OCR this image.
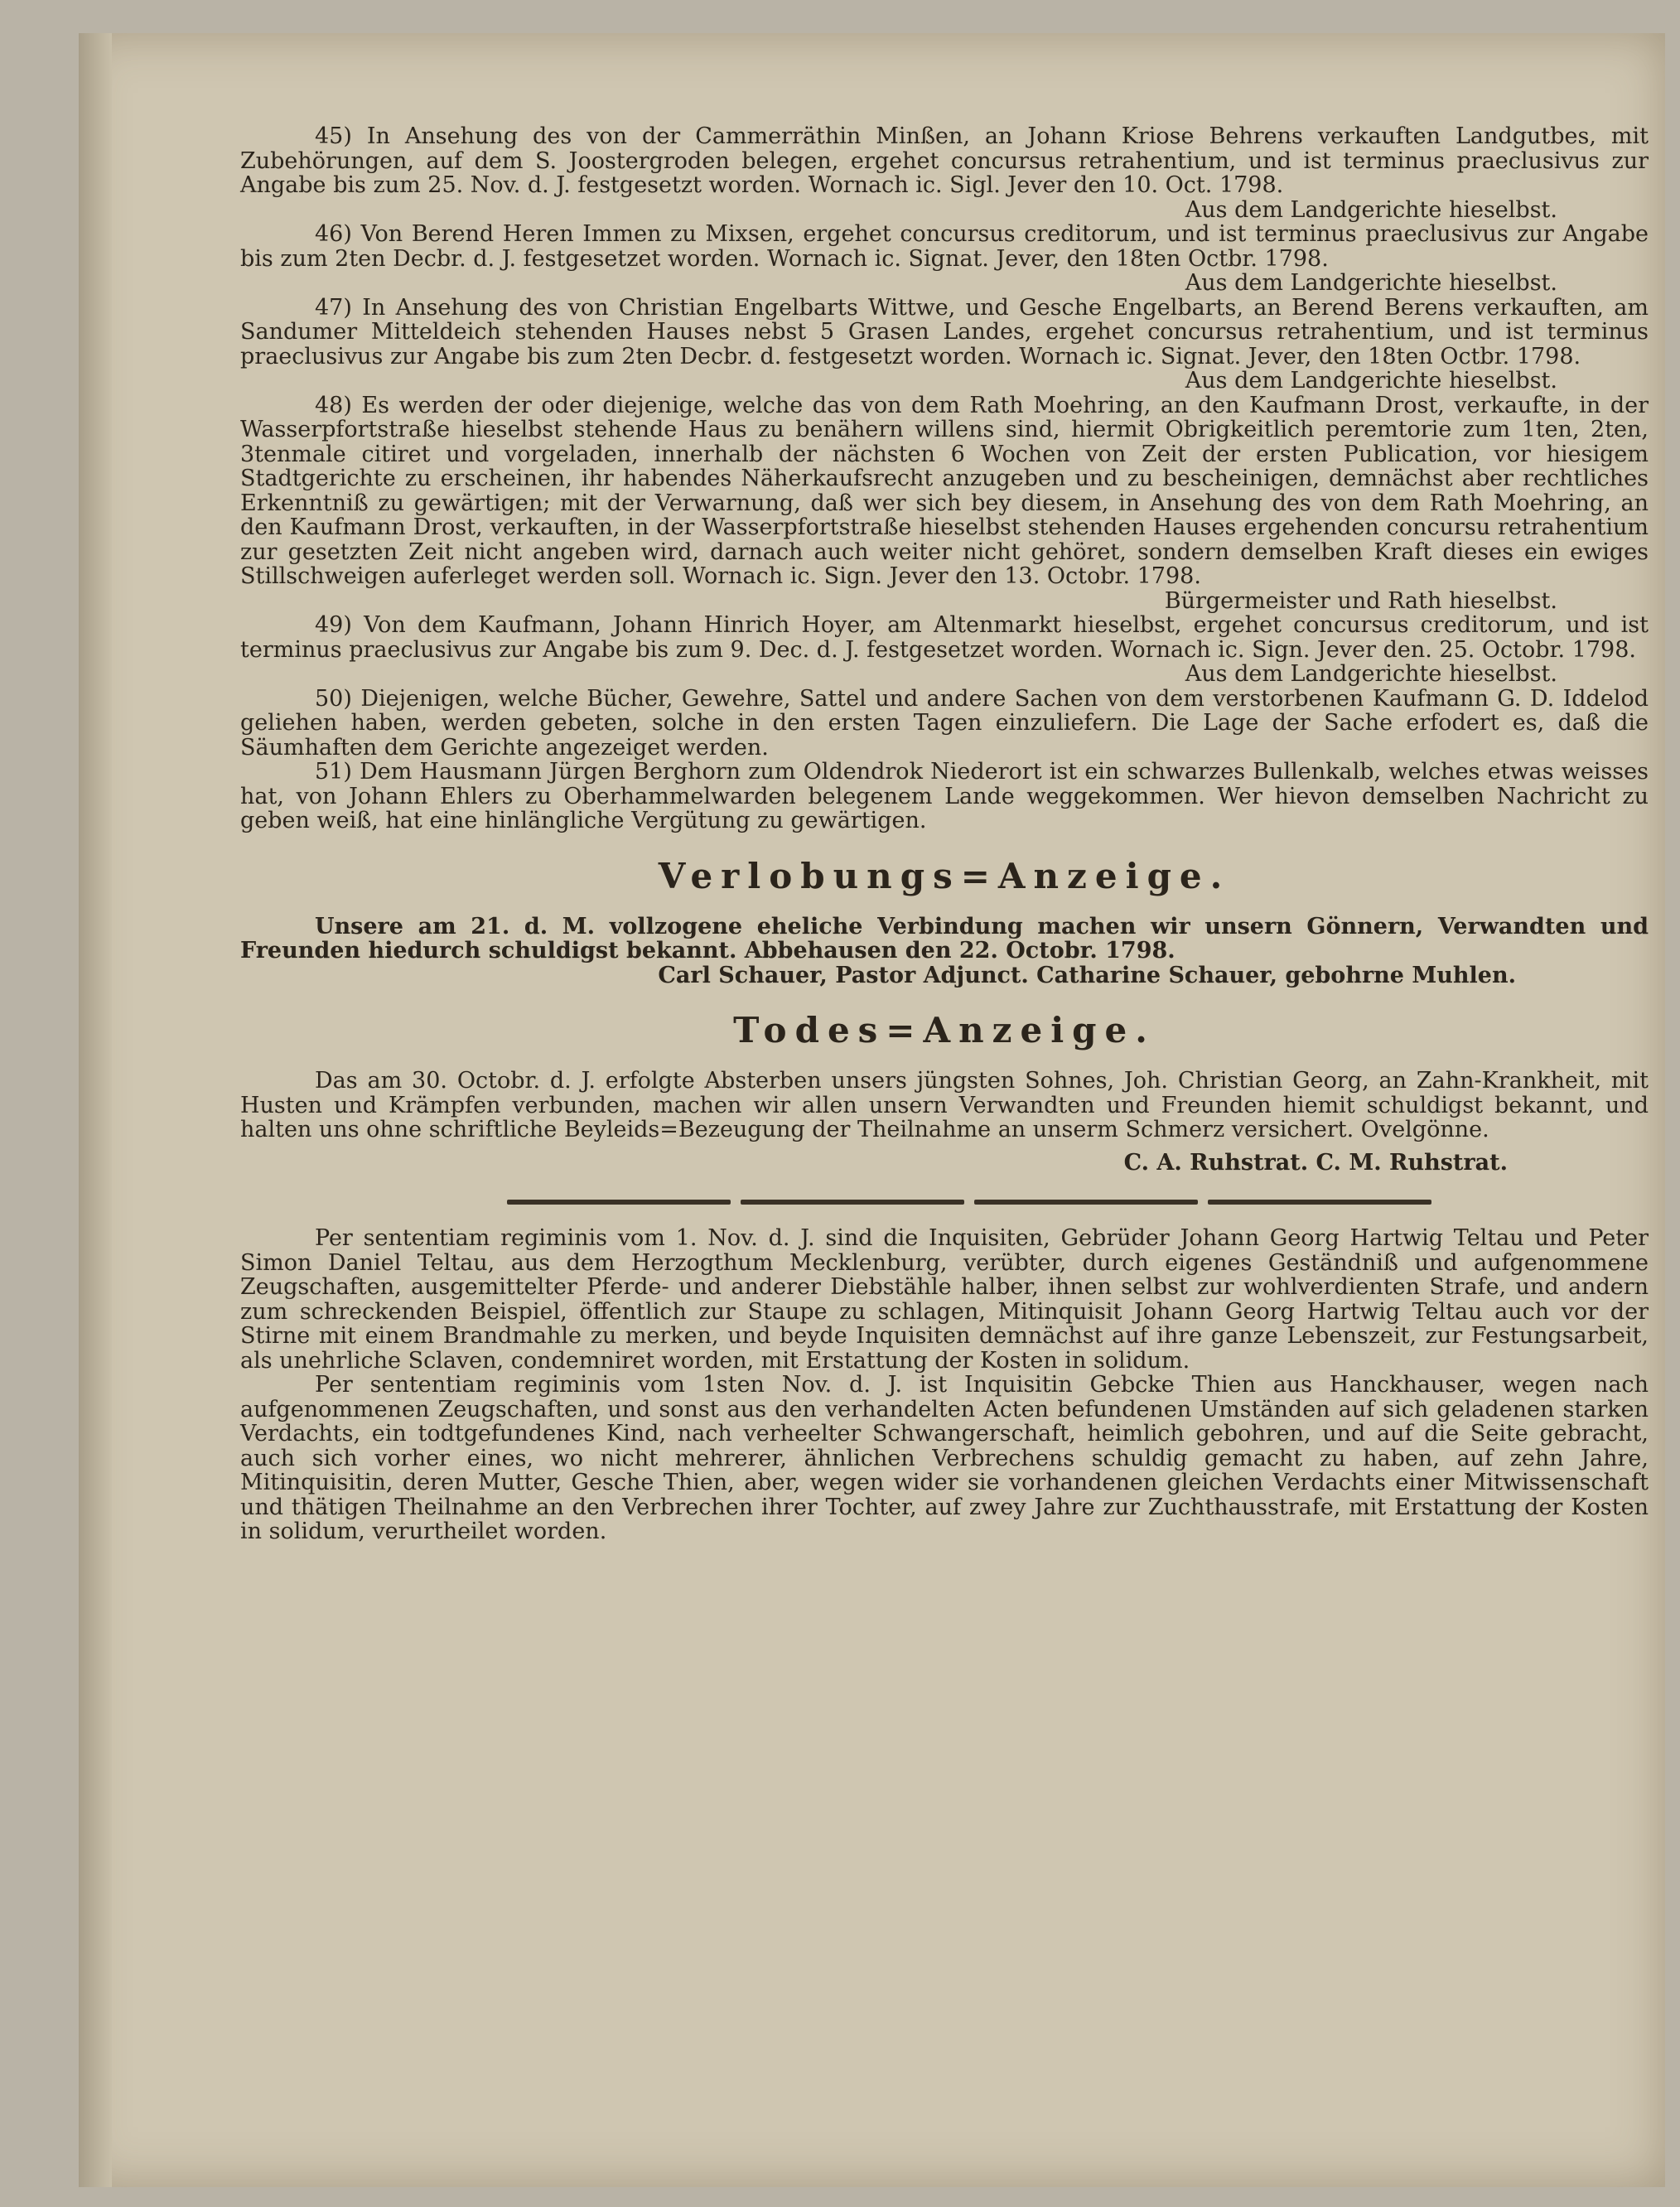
45) In Ansehung des von der Cammerräthin Minßen, an Johann Kriose Behrens verkauften Landgutbes, mit Zubehörungen, auf dem S. Joostergroden belegen, ergehet concursus retrahentium, und ist terminus praeclusivus zur Angabe bis zum 25. Nov. d. J. festgesetzt worden. Wornach ic. Sigl. Jever den 10. Oct. 1798.

Aus dem Landgerichte hieselbst.

46) Von Berend Heren Immen zu Mixsen, ergehet concursus creditorum, und ist terminus praeclusivus zur Angabe bis zum 2ten Decbr. d. J. festgesetzet worden. Wornach ic. Signat. Jever, den 18ten Octbr. 1798.

Aus dem Landgerichte hieselbst.

47) In Ansehung des von Christian Engelbarts Wittwe, und Gesche Engelbarts, an Berend Berens verkauften, am Sandumer Mitteldeich stehenden Hauses nebst 5 Grasen Landes, ergehet concursus retrahentium, und ist terminus praeclusivus zur Angabe bis zum 2ten Decbr. d. festgesetzt worden. Wornach ic. Signat. Jever, den 18ten Octbr. 1798.

Aus dem Landgerichte hieselbst.

48) Es werden der oder diejenige, welche das von dem Rath Moehring, an den Kaufmann Drost, verkaufte, in der Wasserpfortstraße hieselbst stehende Haus zu benähern willens sind, hiermit Obrigkeitlich peremtorie zum 1ten, 2ten, 3tenmale citiret und vorgeladen, innerhalb der nächsten 6 Wochen von Zeit der ersten Publication, vor hiesigem Stadtgerichte zu erscheinen, ihr habendes Näherkaufsrecht anzugeben und zu bescheinigen, demnächst aber rechtliches Erkenntniß zu gewärtigen; mit der Verwarnung, daß wer sich bey diesem, in Ansehung des von dem Rath Moehring, an den Kaufmann Drost, verkauften, in der Wasserpfortstraße hieselbst stehenden Hauses ergehenden concursu retrahentium zur gesetzten Zeit nicht angeben wird, darnach auch weiter nicht gehöret, sondern demselben Kraft dieses ein ewiges Stillschweigen auferleget werden soll. Wornach ic. Sign. Jever den 13. Octobr. 1798.

Bürgermeister und Rath hieselbst.

49) Von dem Kaufmann, Johann Hinrich Hoyer, am Altenmarkt hieselbst, ergehet concursus creditorum, und ist terminus praeclusivus zur Angabe bis zum 9. Dec. d. J. festgesetzet worden. Wornach ic. Sign. Jever den. 25. Octobr. 1798.

Aus dem Landgerichte hieselbst.

50) Diejenigen, welche Bücher, Gewehre, Sattel und andere Sachen von dem verstorbenen Kaufmann G. D. Iddelod geliehen haben, werden gebeten, solche in den ersten Tagen einzuliefern. Die Lage der Sache erfodert es, daß die Säumhaften dem Gerichte angezeiget werden.

51) Dem Hausmann Jürgen Berghorn zum Oldendrok Niederort ist ein schwarzes Bullenkalb, welches etwas weisses hat, von Johann Ehlers zu Oberhammelwarden belegenem Lande weggekommen. Wer hievon demselben Nachricht zu geben weiß, hat eine hinlängliche Vergütung zu gewärtigen.

Verlobungs=Anzeige.

Unsere am 21. d. M. vollzogene eheliche Verbindung machen wir unsern Gönnern, Verwandten und Freunden hiedurch schuldigst bekannt. Abbehausen den 22. Octobr. 1798.

Carl Schauer, Pastor Adjunct. Catharine Schauer, gebohrne Muhlen.

Todes=Anzeige.

Das am 30. Octobr. d. J. erfolgte Absterben unsers jüngsten Sohnes, Joh. Christian Georg, an Zahn-Krankheit, mit Husten und Krämpfen verbunden, machen wir allen unsern Verwandten und Freunden hiemit schuldigst bekannt, und halten uns ohne schriftliche Beyleids=Bezeugung der Theilnahme an unserm Schmerz versichert. Ovelgönne.

C. A. Ruhstrat. C. M. Ruhstrat.

Per sententiam regiminis vom 1. Nov. d. J. sind die Inquisiten, Gebrüder Johann Georg Hartwig Teltau und Peter Simon Daniel Teltau, aus dem Herzogthum Mecklenburg, verübter, durch eigenes Geständniß und aufgenommene Zeugschaften, ausgemittelter Pferde- und anderer Diebstähle halber, ihnen selbst zur wohlverdienten Strafe, und andern zum schreckenden Beispiel, öffentlich zur Staupe zu schlagen, Mitinquisit Johann Georg Hartwig Teltau auch vor der Stirne mit einem Brandmahle zu merken, und beyde Inquisiten demnächst auf ihre ganze Lebenszeit, zur Festungsarbeit, als unehrliche Sclaven, condemniret worden, mit Erstattung der Kosten in solidum.

Per sententiam regiminis vom 1sten Nov. d. J. ist Inquisitin Gebcke Thien aus Hanckhauser, wegen nach aufgenommenen Zeugschaften, und sonst aus den verhandelten Acten befundenen Umständen auf sich geladenen starken Verdachts, ein todtgefundenes Kind, nach verheelter Schwangerschaft, heimlich gebohren, und auf die Seite gebracht, auch sich vorher eines, wo nicht mehrerer, ähnlichen Verbrechens schuldig gemacht zu haben, auf zehn Jahre, Mitinquisitin, deren Mutter, Gesche Thien, aber, wegen wider sie vorhandenen gleichen Verdachts einer Mitwissenschaft und thätigen Theilnahme an den Verbrechen ihrer Tochter, auf zwey Jahre zur Zuchthausstrafe, mit Erstattung der Kosten in solidum, verurtheilet worden.
